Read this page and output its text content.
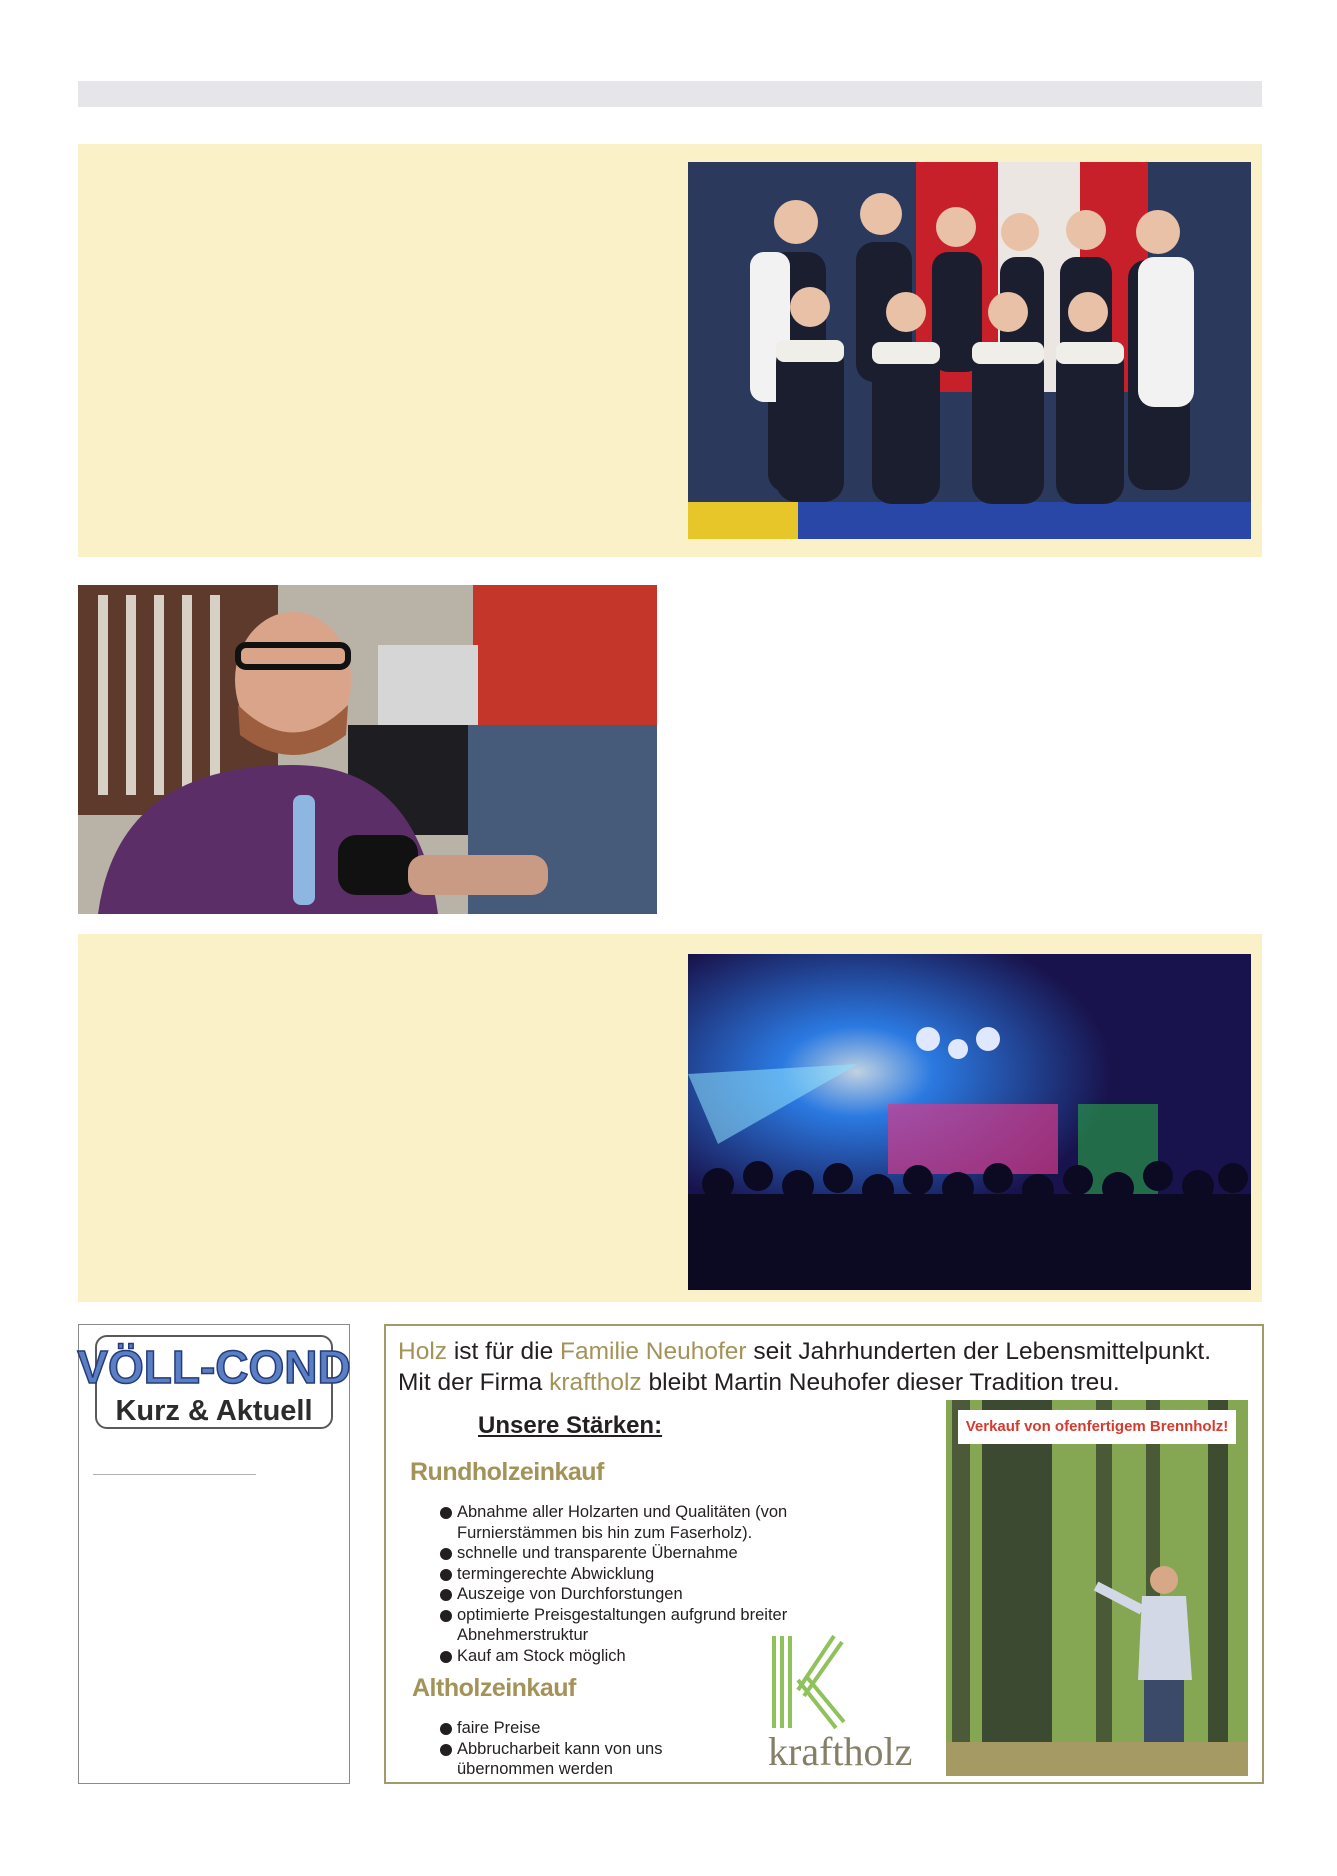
VÖLL-COND
Kurz & Aktuell
Holz ist für die Familie Neuhofer seit Jahrhunderten der Lebensmittelpunkt.
Mit der Firma kraftholz bleibt Martin Neuhofer dieser Tradition treu.
Unsere Stärken:
Rundholzeinkauf
Abnahme aller Holzarten und Qualitäten (von Furnierstämmen bis hin zum Faserholz).
schnelle und transparente Übernahme
termingerechte Abwicklung
Auszeige von Durchforstungen
optimierte Preisgestaltungen aufgrund breiter Abnehmerstruktur
Kauf am Stock möglich
Altholzeinkauf
faire Preise
Abbrucharbeit kann von uns übernommen werden	kraftholz
Verkauf von ofenfertigem Brennholz!
